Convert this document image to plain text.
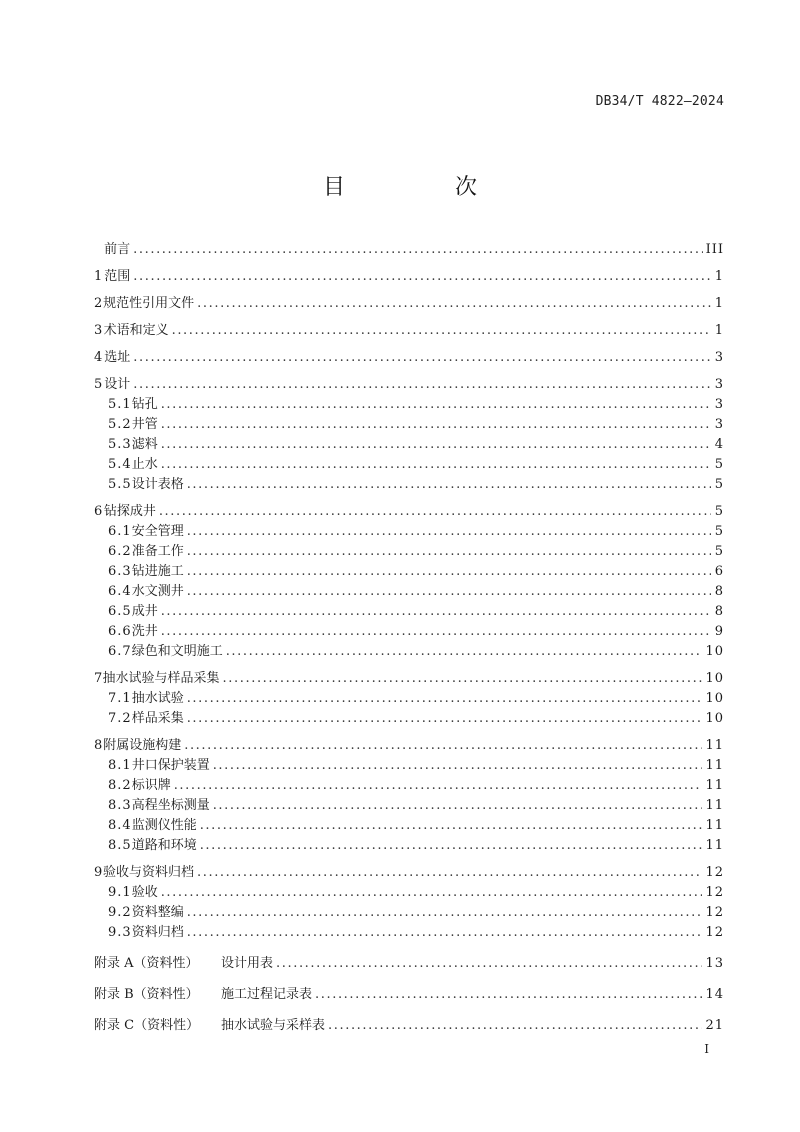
DB34/T 4822—2024
目　次
前言 .....	III
1 范围 .....	1
2 规范性引用文件 .....	1
3 术语和定义 .....	1
4 选址 .....	3
5 设计 .....	3
5.1 钻孔 .....	3
5.2 井管 .....	3
5.3 滤料 .....	4
5.4 止水 .....	5
5.5 设计表格 .....	5
6 钻探成井 .....	5
6.1 安全管理 .....	5
6.2 准备工作 .....	5
6.3 钻进施工 .....	6
6.4 水文测井 .....	8
6.5 成井 .....	8
6.6 洗井 .....	9
6.7 绿色和文明施工 .....	10
7 抽水试验与样品采集 .....	10
7.1 抽水试验 .....	10
7.2 样品采集 .....	10
8 附属设施构建 .....	11
8.1 井口保护装置 .....	11
8.2 标识牌 .....	11
8.3 高程坐标测量 .....	11
8.4 监测仪性能 .....	11
8.5 道路和环境 .....	11
9 验收与资料归档 .....	12
9.1 验收 .....	12
9.2 资料整编 .....	12
9.3 资料归档 .....	12
附录 A（资料性） 设计用表 .....	13
附录 B（资料性） 施工过程记录表 .....	14
附录 C（资料性） 抽水试验与采样表 .....	21
I
